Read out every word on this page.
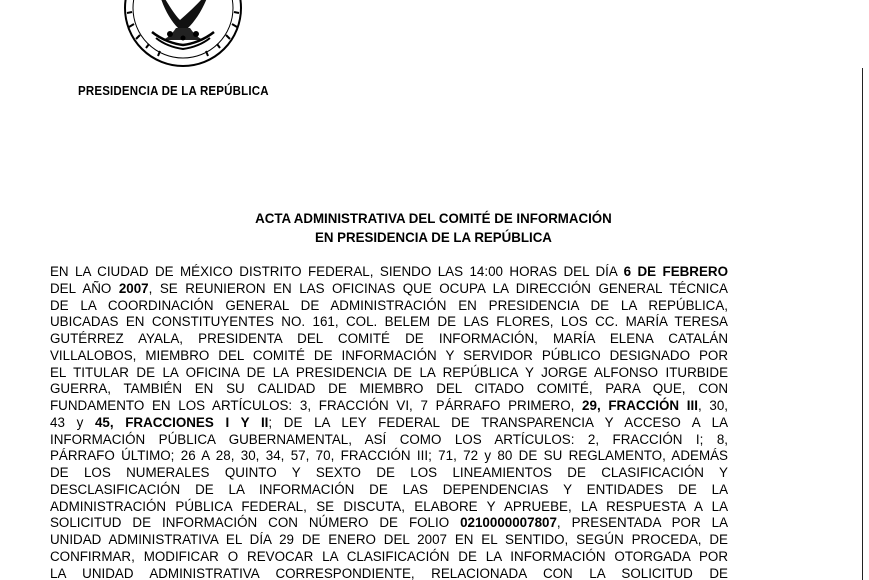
PRESIDENCIA DE LA REPÚBLICA
ACTA ADMINISTRATIVA DEL COMITÉ DE INFORMACIÓN
EN PRESIDENCIA DE LA REPÚBLICA
EN LA CIUDAD DE MÉXICO DISTRITO FEDERAL, SIENDO LAS 14:00 HORAS DEL DÍA 6 DE FEBRERO
DEL AÑO 2007, SE REUNIERON EN LAS OFICINAS QUE OCUPA LA DIRECCIÓN GENERAL TÉCNICA
DE LA COORDINACIÓN GENERAL DE ADMINISTRACIÓN EN PRESIDENCIA DE LA REPÚBLICA,
UBICADAS EN CONSTITUYENTES NO. 161, COL. BELEM DE LAS FLORES, LOS CC. MARÍA TERESA
GUTÉRREZ AYALA, PRESIDENTA DEL COMITÉ DE INFORMACIÓN, MARÍA ELENA CATALÁN
VILLALOBOS, MIEMBRO DEL COMITÉ DE INFORMACIÓN Y SERVIDOR PÚBLICO DESIGNADO POR
EL TITULAR DE LA OFICINA DE LA PRESIDENCIA DE LA REPÚBLICA Y JORGE ALFONSO ITURBIDE
GUERRA, TAMBIÉN EN SU CALIDAD DE MIEMBRO DEL CITADO COMITÉ, PARA QUE, CON
FUNDAMENTO EN LOS ARTÍCULOS: 3, FRACCIÓN VI, 7 PÁRRAFO PRIMERO, 29, FRACCIÓN III, 30,
43 y 45, FRACCIONES I Y II; DE LA LEY FEDERAL DE TRANSPARENCIA Y ACCESO A LA
INFORMACIÓN PÚBLICA GUBERNAMENTAL, ASÍ COMO LOS ARTÍCULOS: 2, FRACCIÓN I; 8,
PÁRRAFO ÚLTIMO; 26 A 28, 30, 34, 57, 70, FRACCIÓN III; 71, 72 y 80 DE SU REGLAMENTO, ADEMÁS
DE LOS NUMERALES QUINTO Y SEXTO DE LOS LINEAMIENTOS DE CLASIFICACIÓN Y
DESCLASIFICACIÓN DE LA INFORMACIÓN DE LAS DEPENDENCIAS Y ENTIDADES DE LA
ADMINISTRACIÓN PÚBLICA FEDERAL, SE DISCUTA, ELABORE Y APRUEBE, LA RESPUESTA A LA
SOLICITUD DE INFORMACIÓN CON NÚMERO DE FOLIO 0210000007807, PRESENTADA POR LA
UNIDAD ADMINISTRATIVA EL DÍA 29 DE ENERO DEL 2007 EN EL SENTIDO, SEGÚN PROCEDA, DE
CONFIRMAR, MODIFICAR O REVOCAR LA CLASIFICACIÓN DE LA INFORMACIÓN OTORGADA POR
LA UNIDAD ADMINISTRATIVA CORRESPONDIENTE, RELACIONADA CON LA SOLICITUD DE
